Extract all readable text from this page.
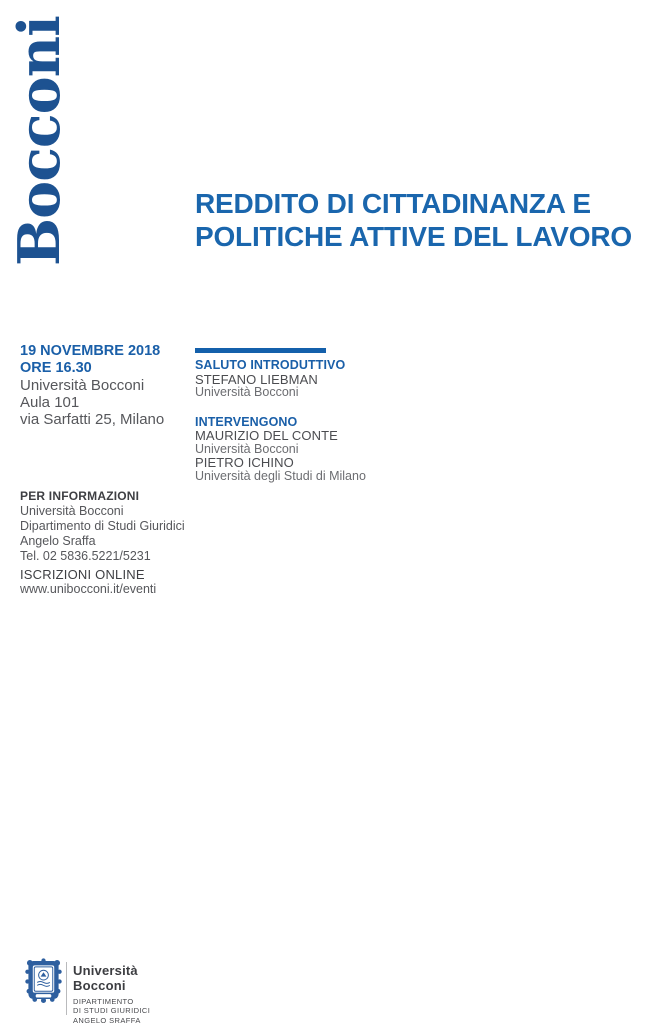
Bocconi	REDDITO DI CITTADINANZA E
POLITICHE ATTIVE DEL LAVORO
19 NOVEMBRE 2018
ORE 16.30
Università Bocconi
Aula 101
via Sarfatti 25, Milano
SALUTO INTRODUTTIVO
STEFANO LIEBMAN
Università Bocconi
INTERVENGONO
MAURIZIO DEL CONTE
Università Bocconi
PIETRO ICHINO
Università degli Studi di Milano
PER INFORMAZIONI
Università Bocconi
Dipartimento di Studi Giuridici
Angelo Sraffa
Tel. 02 5836.5221/5231
ISCRIZIONI ONLINE
www.unibocconi.it/eventi
Università
Bocconi
DIPARTIMENTO
DI STUDI GIURIDICI
ANGELO SRAFFA
